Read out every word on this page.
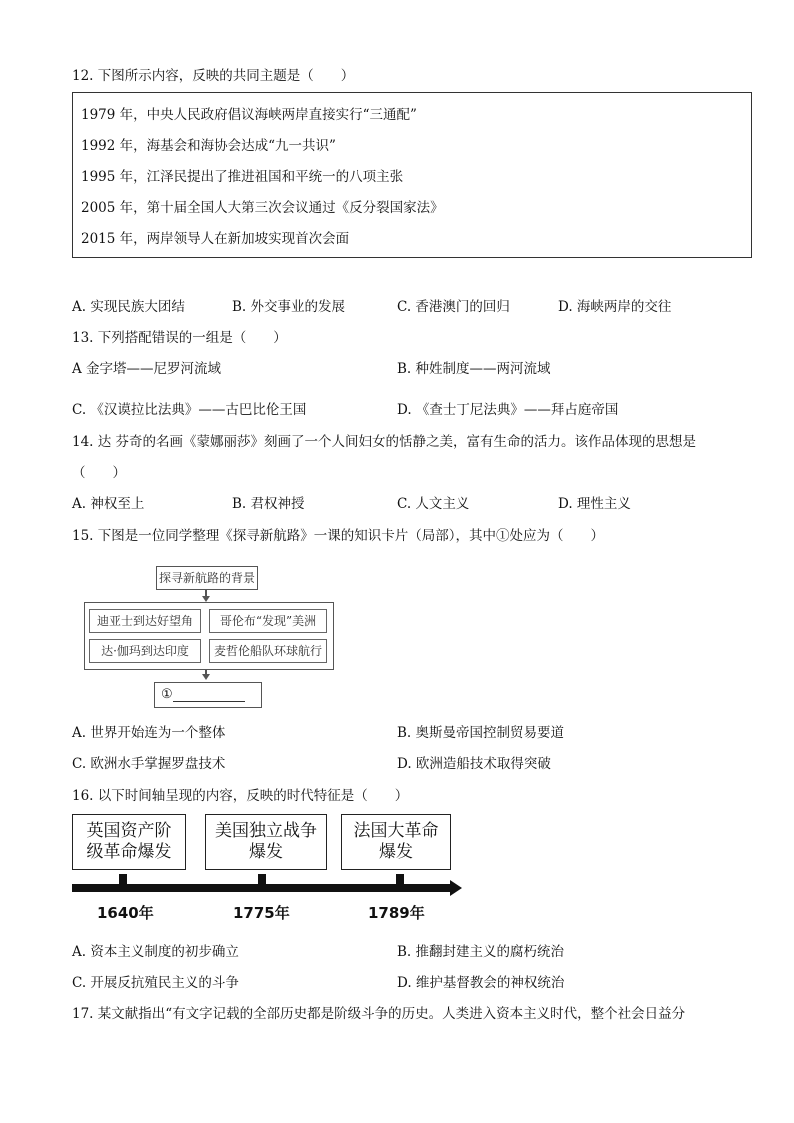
12. 下图所示内容，反映的共同主题是（　　）
1979 年，中央人民政府倡议海峡两岸直接实行“三通配”
1992 年，海基会和海协会达成“九一共识”
1995 年，江泽民提出了推进祖国和平统一的八项主张
2005 年，第十届全国人大第三次会议通过《反分裂国家法》
2015 年，两岸领导人在新加坡实现首次会面
A. 实现民族大团结	B. 外交事业的发展	C. 香港澳门的回归	D. 海峡两岸的交往
13. 下列搭配错误的一组是（　　）
A 金字塔——尼罗河流域	B. 种姓制度——两河流域
C. 《汉谟拉比法典》——古巴比伦王国	D. 《查士丁尼法典》——拜占庭帝国
14. 达 芬奇的名画《蒙娜丽莎》刻画了一个人间妇女的恬静之美，富有生命的活力。该作品体现的思想是
（　　）
A. 神权至上	B. 君权神授	C. 人文主义	D. 理性主义
15. 下图是一位同学整理《探寻新航路》一课的知识卡片（局部），其中①处应为（　　）
探寻新航路的背景
迪亚士到达好望角	哥伦布“发现”美洲
达·伽玛到达印度	麦哲伦船队环球航行
①
A. 世界开始连为一个整体	B. 奥斯曼帝国控制贸易要道
C. 欧洲水手掌握罗盘技术	D. 欧洲造船技术取得突破
16. 以下时间轴呈现的内容，反映的时代特征是（　　）
英国资产阶
级革命爆发
美国独立战争
爆发
法国大革命
爆发
1640年	1775年	1789年
A. 资本主义制度的初步确立	B. 推翻封建主义的腐朽统治
C. 开展反抗殖民主义的斗争	D. 维护基督教会的神权统治
17. 某文献指出“有文字记载的全部历史都是阶级斗争的历史。人类进入资本主义时代，整个社会日益分
